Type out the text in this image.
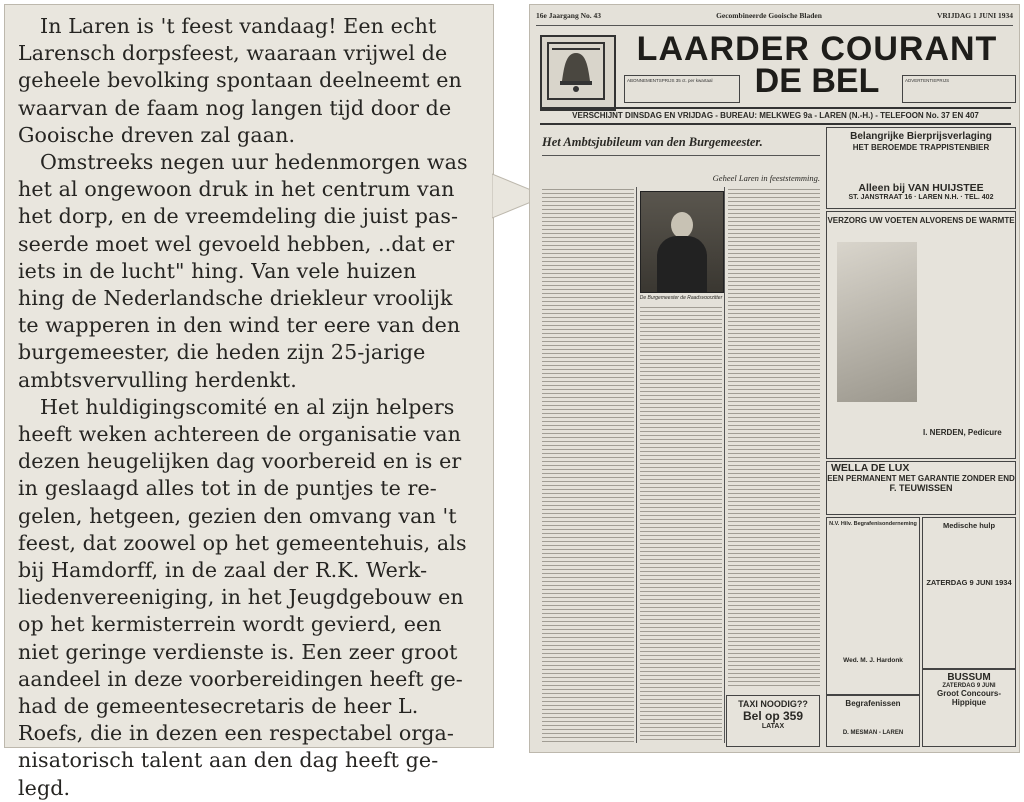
In Laren is 't feest vandaag! Een echt
Larensch dorpsfeest, waaraan vrijwel de
geheele bevolking spontaan deelneemt en
waarvan de faam nog langen tijd door de
Gooische dreven zal gaan.

Omstreeks negen uur hedenmorgen was
het al ongewoon druk in het centrum van
het dorp, en de vreemdeling die juist pas-
seerde moet wel gevoeld hebben, ..dat er
iets in de lucht" hing. Van vele huizen
hing de Nederlandsche driekleur vroolijk
te wapperen in den wind ter eere van den
burgemeester, die heden zijn 25-jarige
ambtsvervulling herdenkt.

Het huldigingscomité en al zijn helpers
heeft weken achtereen de organisatie van
dezen heugelijken dag voorbereid en is er
in geslaagd alles tot in de puntjes te re-
gelen, hetgeen, gezien den omvang van 't
feest, dat zoowel op het gemeentehuis, als
bij Hamdorff, in de zaal der R.K. Werk-
liedenvereeniging, in het Jeugdgebouw en
op het kermisterrein wordt gevierd, een
niet geringe verdienste is. Een zeer groot
aandeel in deze voorbereidingen heeft ge-
had de gemeentesecretaris de heer L.
Roefs, die in dezen een respectabel orga-
nisatorisch talent aan den dag heeft ge-
legd.

16e Jaargang No. 43	Gecombineerde Gooische Bladen	VRIJDAG 1 JUNI 1934
LAARDER COURANT
DE BEL
ABONNEMENTSPRIJS 35 ct. per kwartaal	ADVERTENTIEPRIJS
VERSCHIJNT DINSDAG EN VRIJDAG - BUREAU: MELKWEG 9a - LAREN (N.-H.) - TELEFOON No. 37 EN 407
Het Ambtsjubileum van den Burgemeester.
Geheel Laren in feeststemming.
De Burgemeester de Raadsvoorzitter
Belangrijke Bierprijsverlaging
HET BEROEMDE TRAPPISTENBIER
Alleen bij VAN HUIJSTEE
ST. JANSTRAAT 16 · LAREN N.H. · TEL. 402
VERZORG UW VOETEN ALVORENS DE WARMTE
I. NERDEN, Pedicure
WELLA DE LUX
EEN PERMANENT MET GARANTIE ZONDER END
F. TEUWISSEN
N.V. Hilv. Begrafenisonderneming
Wed. M. J. Hardonk
Medische hulp
ZATERDAG 9 JUNI 1934
BUSSUM
ZATERDAG 9 JUNI
Groot Concours-Hippique
TAXI NOODIG??
Bel op 359
LATAX
Begrafenissen
D. MESMAN - LAREN
